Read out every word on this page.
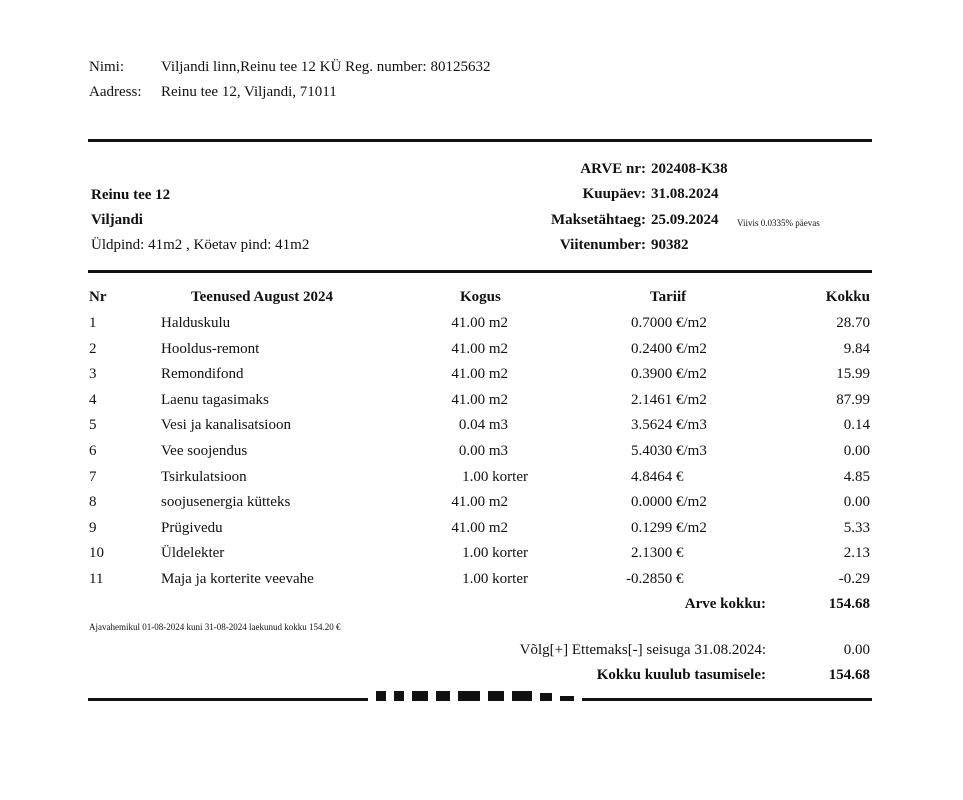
Nimi: Viljandi linn,Reinu tee 12 KÜ Reg. number: 80125632
Aadress: Reinu tee 12, Viljandi, 71011
Reinu tee 12
Viljandi
Üldpind: 41m2 , Köetav pind: 41m2
ARVE nr: 202408-K38
Kuupäev: 31.08.2024
Maksetähtaeg: 25.09.2024 Viivis 0.0335% päevas
Viitenumber: 90382
Nr	Teenused August 2024	Kogus	Tariif	Kokku
1	Halduskulu	41.00 m2	0.7000 €/m2	28.70
2	Hooldus-remont	41.00 m2	0.2400 €/m2	9.84
3	Remondifond	41.00 m2	0.3900 €/m2	15.99
4	Laenu tagasimaks	41.00 m2	2.1461 €/m2	87.99
5	Vesi ja kanalisatsioon	0.04 m3	3.5624 €/m3	0.14
6	Vee soojendus	0.00 m3	5.4030 €/m3	0.00
7	Tsirkulatsioon	1.00 korter	4.8464 €	4.85
8	soojusenergia kütteks	41.00 m2	0.0000 €/m2	0.00
9	Prügivedu	41.00 m2	0.1299 €/m2	5.33
10	Üldelekter	1.00 korter	2.1300 €	2.13
11	Maja ja korterite veevahe	1.00 korter	-0.2850 €	-0.29
Arve kokku:	154.68
Ajavahemikul 01-08-2024 kuni 31-08-2024 laekunud kokku 154.20 €
Võlg[+] Ettemaks[-] seisuga 31.08.2024:	0.00
Kokku kuulub tasumisele:	154.68
